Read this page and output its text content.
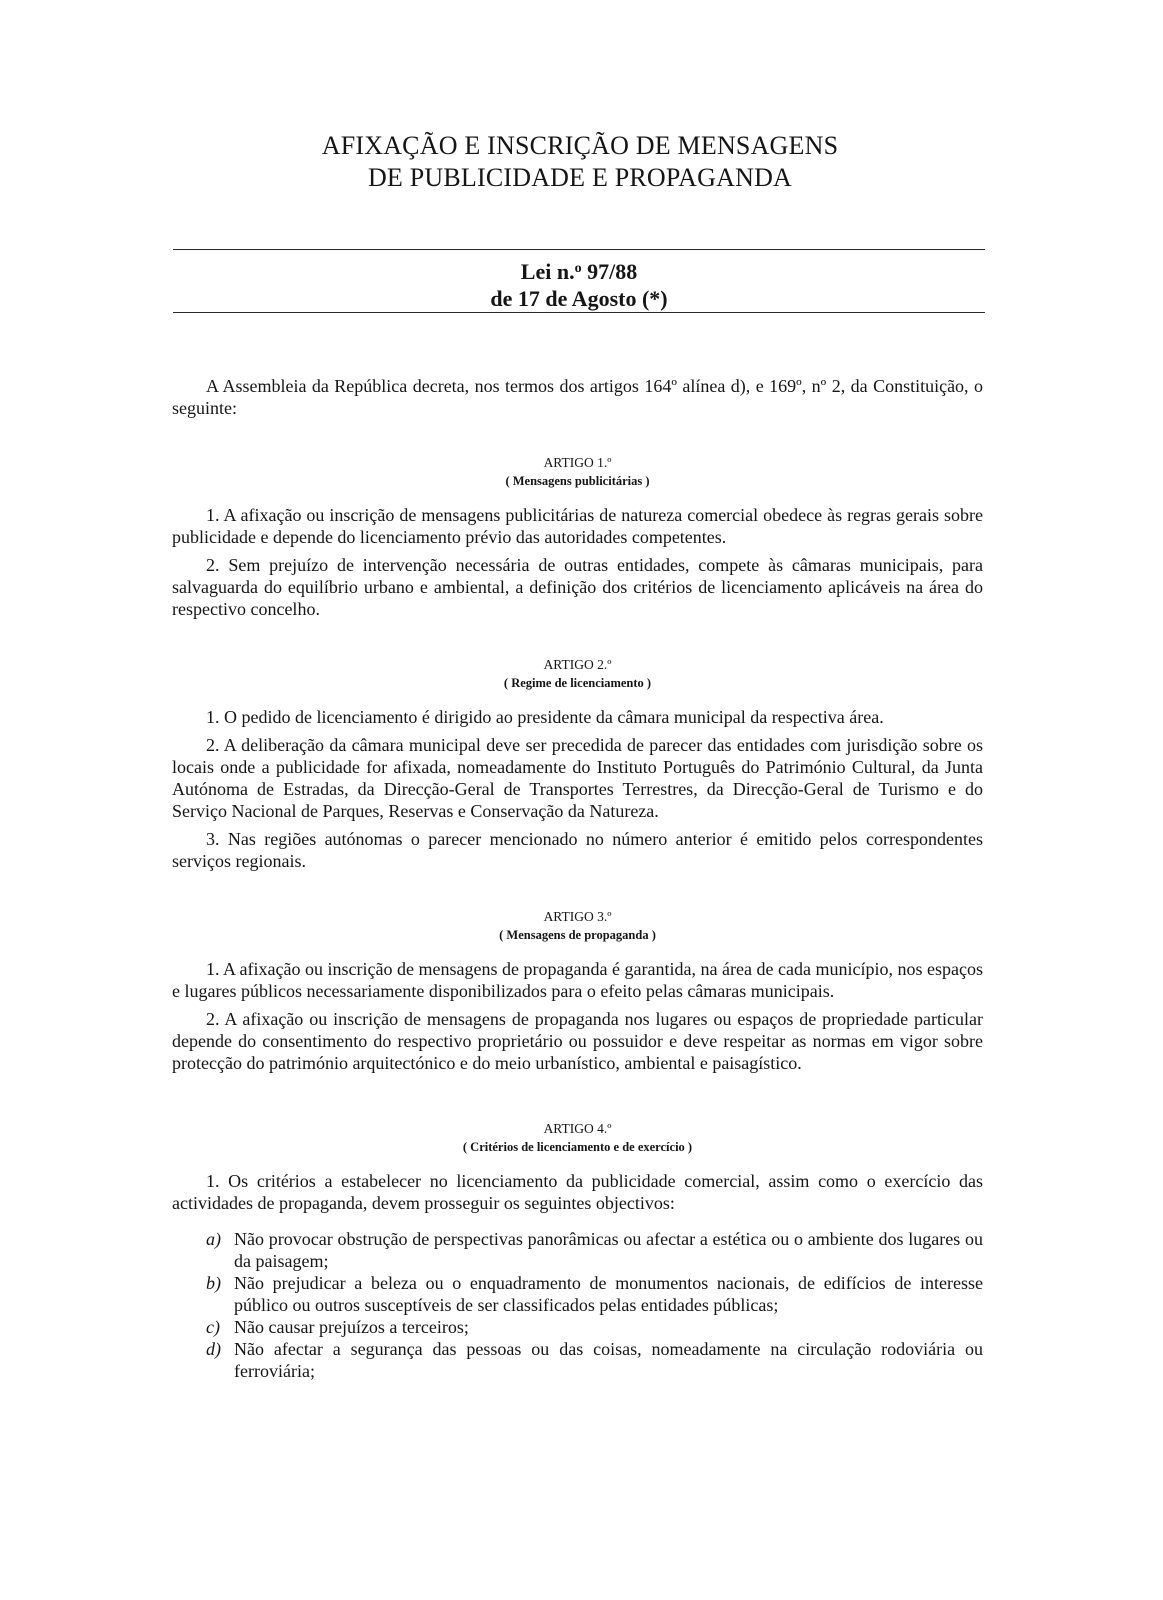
AFIXAÇÃO E INSCRIÇÃO DE MENSAGENS
DE PUBLICIDADE E PROPAGANDA
Lei n.$^o$ 97/88
de 17 de Agosto (*)

A Assembleia da República decreta, nos termos dos artigos 164º alínea d), e 169º, nº 2, da Constituição, o seguinte:

ARTIGO 1.º
( Mensagens publicitárias )

1. A afixação ou inscrição de mensagens publicitárias de natureza comercial obedece às regras gerais sobre publicidade e depende do licenciamento prévio das autoridades competentes.

2. Sem prejuízo de intervenção necessária de outras entidades, compete às câmaras municipais, para salvaguarda do equilíbrio urbano e ambiental, a definição dos critérios de licenciamento aplicáveis na área do respectivo concelho.

ARTIGO 2.º
( Regime de licenciamento )

1. O pedido de licenciamento é dirigido ao presidente da câmara municipal da respectiva área.

2. A deliberação da câmara municipal deve ser precedida de parecer das entidades com jurisdição sobre os locais onde a publicidade for afixada, nomeadamente do Instituto Português do Património Cultural, da Junta Autónoma de Estradas, da Direcção-Geral de Transportes Terrestres, da Direcção-Geral de Turismo e do Serviço Nacional de Parques, Reservas e Conservação da Natureza.

3. Nas regiões autónomas o parecer mencionado no número anterior é emitido pelos correspondentes serviços regionais.

ARTIGO 3.º
( Mensagens de propaganda )

1. A afixação ou inscrição de mensagens de propaganda é garantida, na área de cada município, nos espaços e lugares públicos necessariamente disponibilizados para o efeito pelas câmaras municipais.

2. A afixação ou inscrição de mensagens de propaganda nos lugares ou espaços de propriedade particular depende do consentimento do respectivo proprietário ou possuidor e deve respeitar as normas em vigor sobre protecção do património arquitectónico e do meio urbanístico, ambiental e paisagístico.

ARTIGO 4.º
( Critérios de licenciamento e de exercício )

1. Os critérios a estabelecer no licenciamento da publicidade comercial, assim como o exercício das actividades de propaganda, devem prosseguir os seguintes objectivos:

a) Não provocar obstrução de perspectivas panorâmicas ou afectar a estética ou o ambiente dos lugares ou da paisagem;

b) Não prejudicar a beleza ou o enquadramento de monumentos nacionais, de edifícios de interesse público ou outros susceptíveis de ser classificados pelas entidades públicas;

c) Não causar prejuízos a terceiros;

d) Não afectar a segurança das pessoas ou das coisas, nomeadamente na circulação rodoviária ou ferroviária;
